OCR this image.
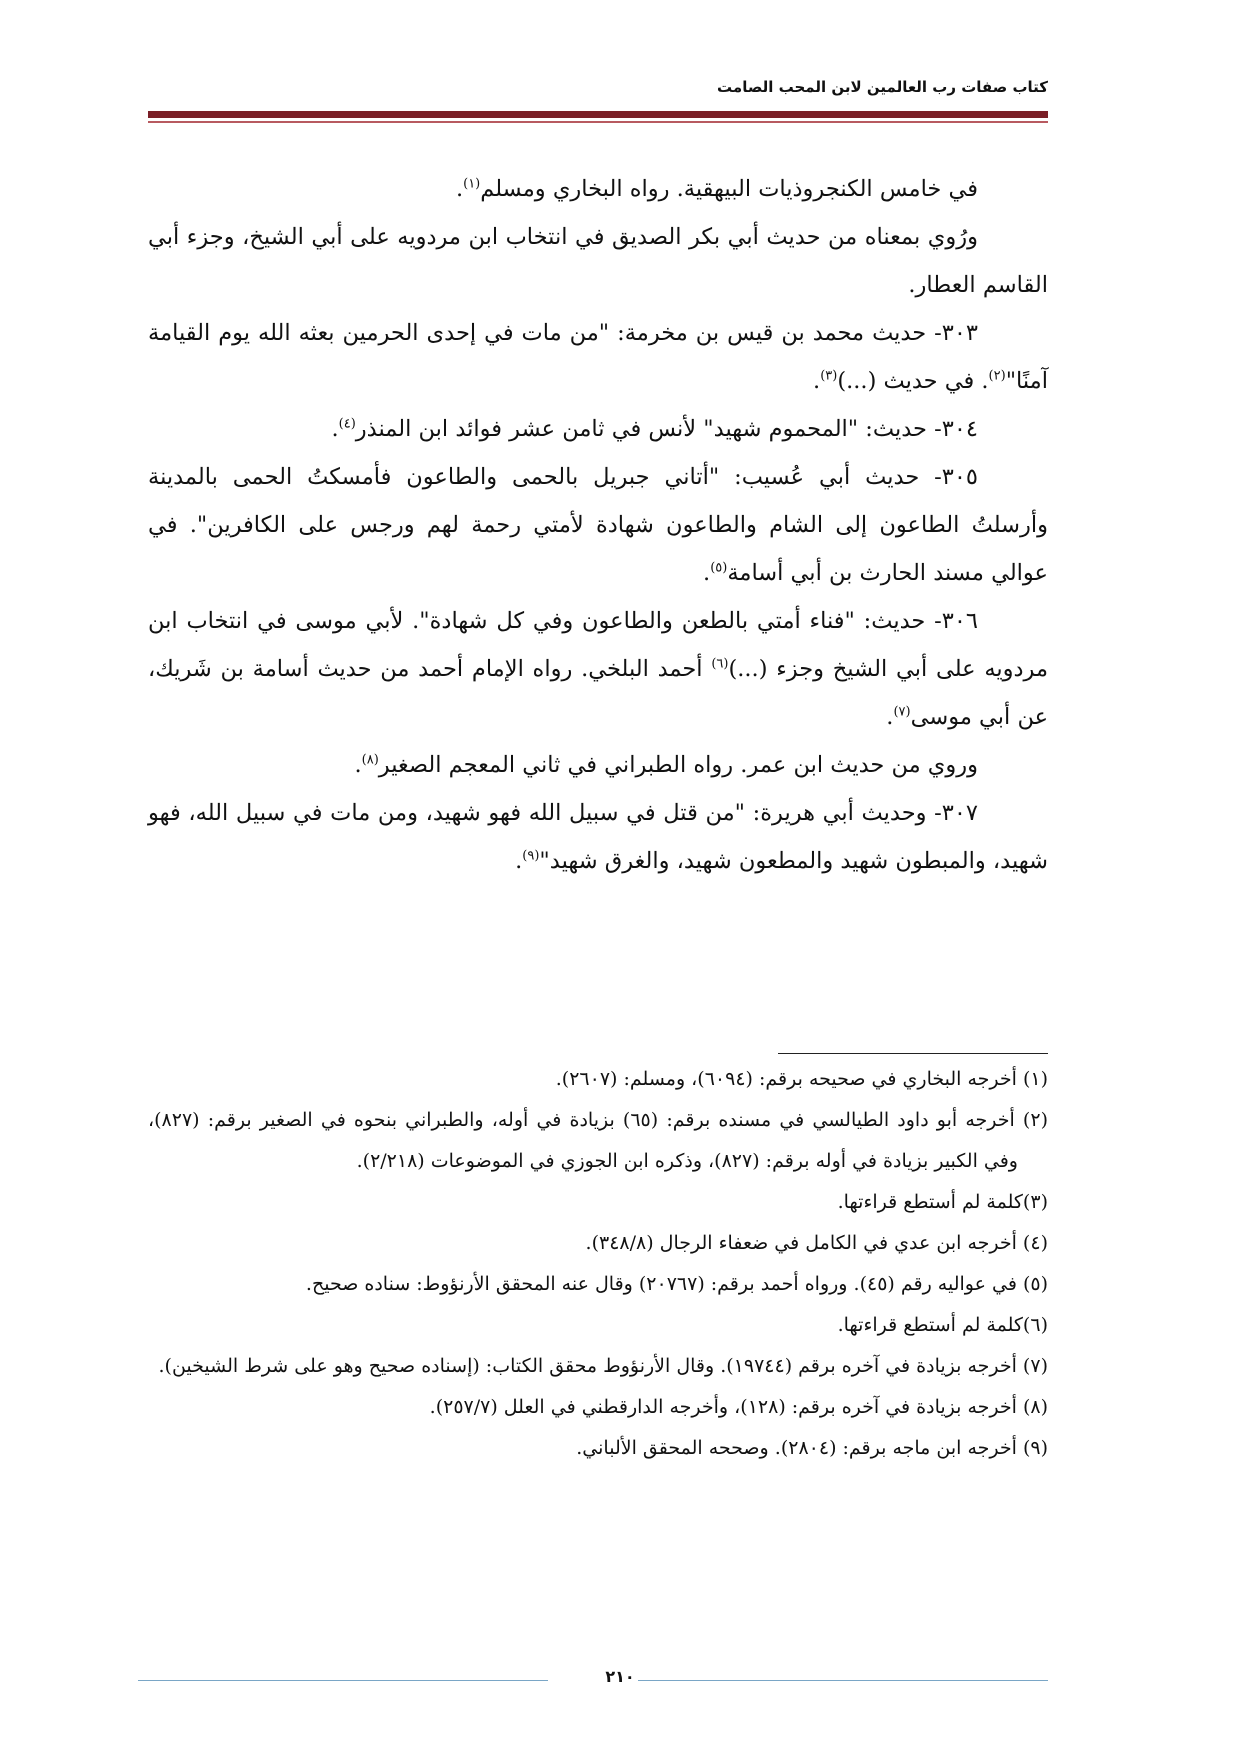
كتاب صفات رب العالمين لابن المحب الصامت

في خامس الكنجروذيات البيهقية. رواه البخاري ومسلم$^{(١)}$.

ورُوي بمعناه من حديث أبي بكر الصديق في انتخاب ابن مردويه على أبي الشيخ، وجزء أبي القاسم العطار.

٣٠٣- حديث محمد بن قيس بن مخرمة: "من مات في إحدى الحرمين بعثه الله يوم القيامة آمنًا"$^{(٢)}$. في حديث (...)$^{(٣)}$.

٣٠٤- حديث: "المحموم شهيد" لأنس في ثامن عشر فوائد ابن المنذر$^{(٤)}$.

٣٠٥- حديث أبي عُسيب: "أتاني جبريل بالحمى والطاعون فأمسكتُ الحمى بالمدينة وأرسلتُ الطاعون إلى الشام والطاعون شهادة لأمتي رحمة لهم ورجس على الكافرين". في عوالي مسند الحارث بن أبي أسامة$^{(٥)}$.

٣٠٦- حديث: "فناء أمتي بالطعن والطاعون وفي كل شهادة". لأبي موسى في انتخاب ابن مردويه على أبي الشيخ وجزء (...)$^{(٦)}$ أحمد البلخي. رواه الإمام أحمد من حديث أسامة بن شَريك، عن أبي موسى$^{(٧)}$.

وروي من حديث ابن عمر. رواه الطبراني في ثاني المعجم الصغير$^{(٨)}$.

٣٠٧- وحديث أبي هريرة: "من قتل في سبيل الله فهو شهيد، ومن مات في سبيل الله، فهو شهيد، والمبطون شهيد والمطعون شهيد، والغرق شهيد"$^{(٩)}$.

(١) أخرجه البخاري في صحيحه برقم: (٦٠٩٤)، ومسلم: (٢٦٠٧).

(٢) أخرجه أبو داود الطيالسي في مسنده برقم: (٦٥) بزيادة في أوله، والطبراني بنحوه في الصغير برقم: (٨٢٧)، وفي الكبير بزيادة في أوله برقم: (٨٢٧)، وذكره ابن الجوزي في الموضوعات (٢/٢١٨).

(٣)كلمة لم أستطع قراءتها.

(٤) أخرجه ابن عدي في الكامل في ضعفاء الرجال (٣٤٨/٨).

(٥) في عواليه رقم (٤٥). ورواه أحمد برقم: (٢٠٧٦٧) وقال عنه المحقق الأرنؤوط: سناده صحيح.

(٦)كلمة لم أستطع قراءتها.

(٧) أخرجه بزيادة في آخره برقم (١٩٧٤٤). وقال الأرنؤوط محقق الكتاب: (إسناده صحيح وهو على شرط الشيخين).

(٨) أخرجه بزيادة في آخره برقم: (١٢٨)، وأخرجه الدارقطني في العلل (٢٥٧/٧).

(٩) أخرجه ابن ماجه برقم: (٢٨٠٤). وصححه المحقق الألباني.

٢١٠
